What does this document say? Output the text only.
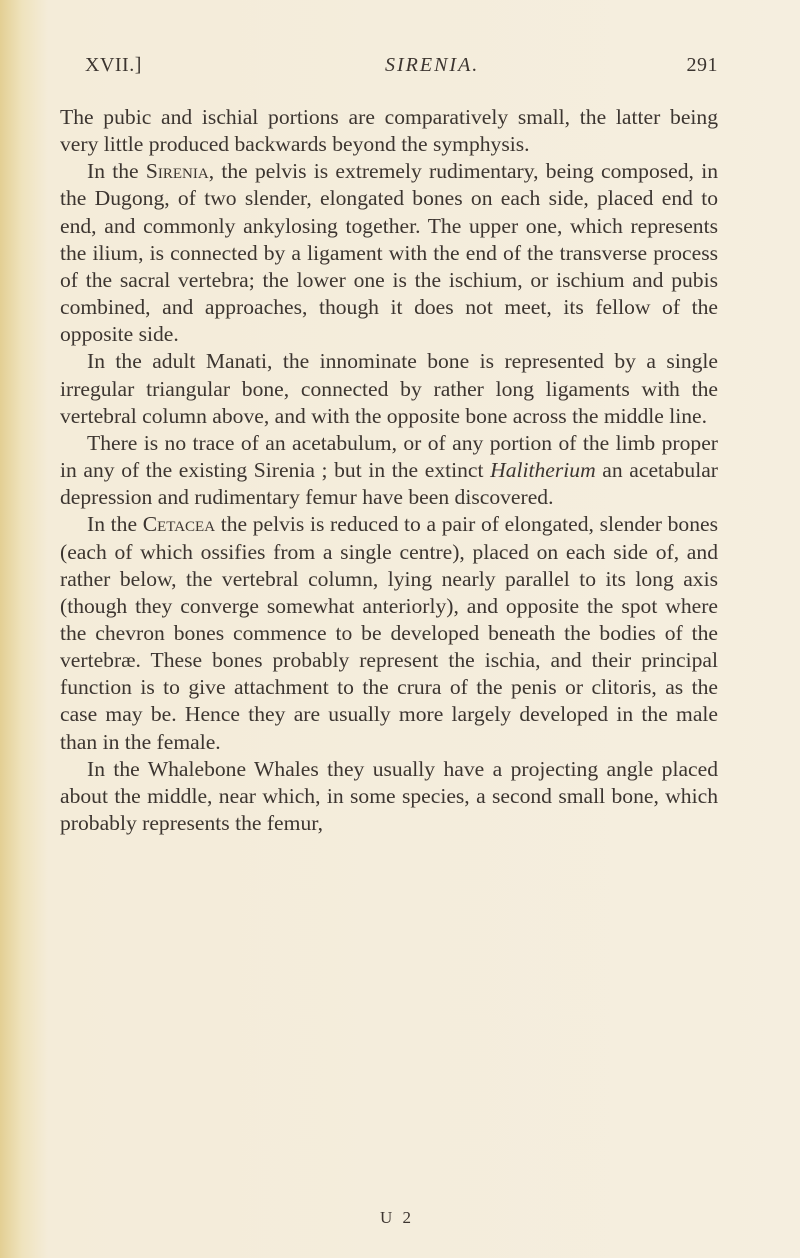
XVII.]	SIRENIA.	291

The pubic and ischial portions are comparatively small, the latter being very little produced backwards beyond the symphysis.

In the Sirenia, the pelvis is extremely rudimentary, being composed, in the Dugong, of two slender, elongated bones on each side, placed end to end, and commonly ankylosing together. The upper one, which represents the ilium, is connected by a ligament with the end of the transverse process of the sacral vertebra; the lower one is the ischium, or ischium and pubis combined, and approaches, though it does not meet, its fellow of the opposite side.

In the adult Manati, the innominate bone is represented by a single irregular triangular bone, connected by rather long ligaments with the vertebral column above, and with the opposite bone across the middle line.

There is no trace of an acetabulum, or of any portion of the limb proper in any of the existing Sirenia ; but in the extinct Halitherium an acetabular depression and rudimentary femur have been discovered.

In the Cetacea the pelvis is reduced to a pair of elongated, slender bones (each of which ossifies from a single centre), placed on each side of, and rather below, the vertebral column, lying nearly parallel to its long axis (though they converge somewhat anteriorly), and opposite the spot where the chevron bones commence to be developed beneath the bodies of the vertebræ. These bones probably represent the ischia, and their principal function is to give attachment to the crura of the penis or clitoris, as the case may be. Hence they are usually more largely developed in the male than in the female.

In the Whalebone Whales they usually have a projecting angle placed about the middle, near which, in some species, a second small bone, which probably represents the femur,

U 2
